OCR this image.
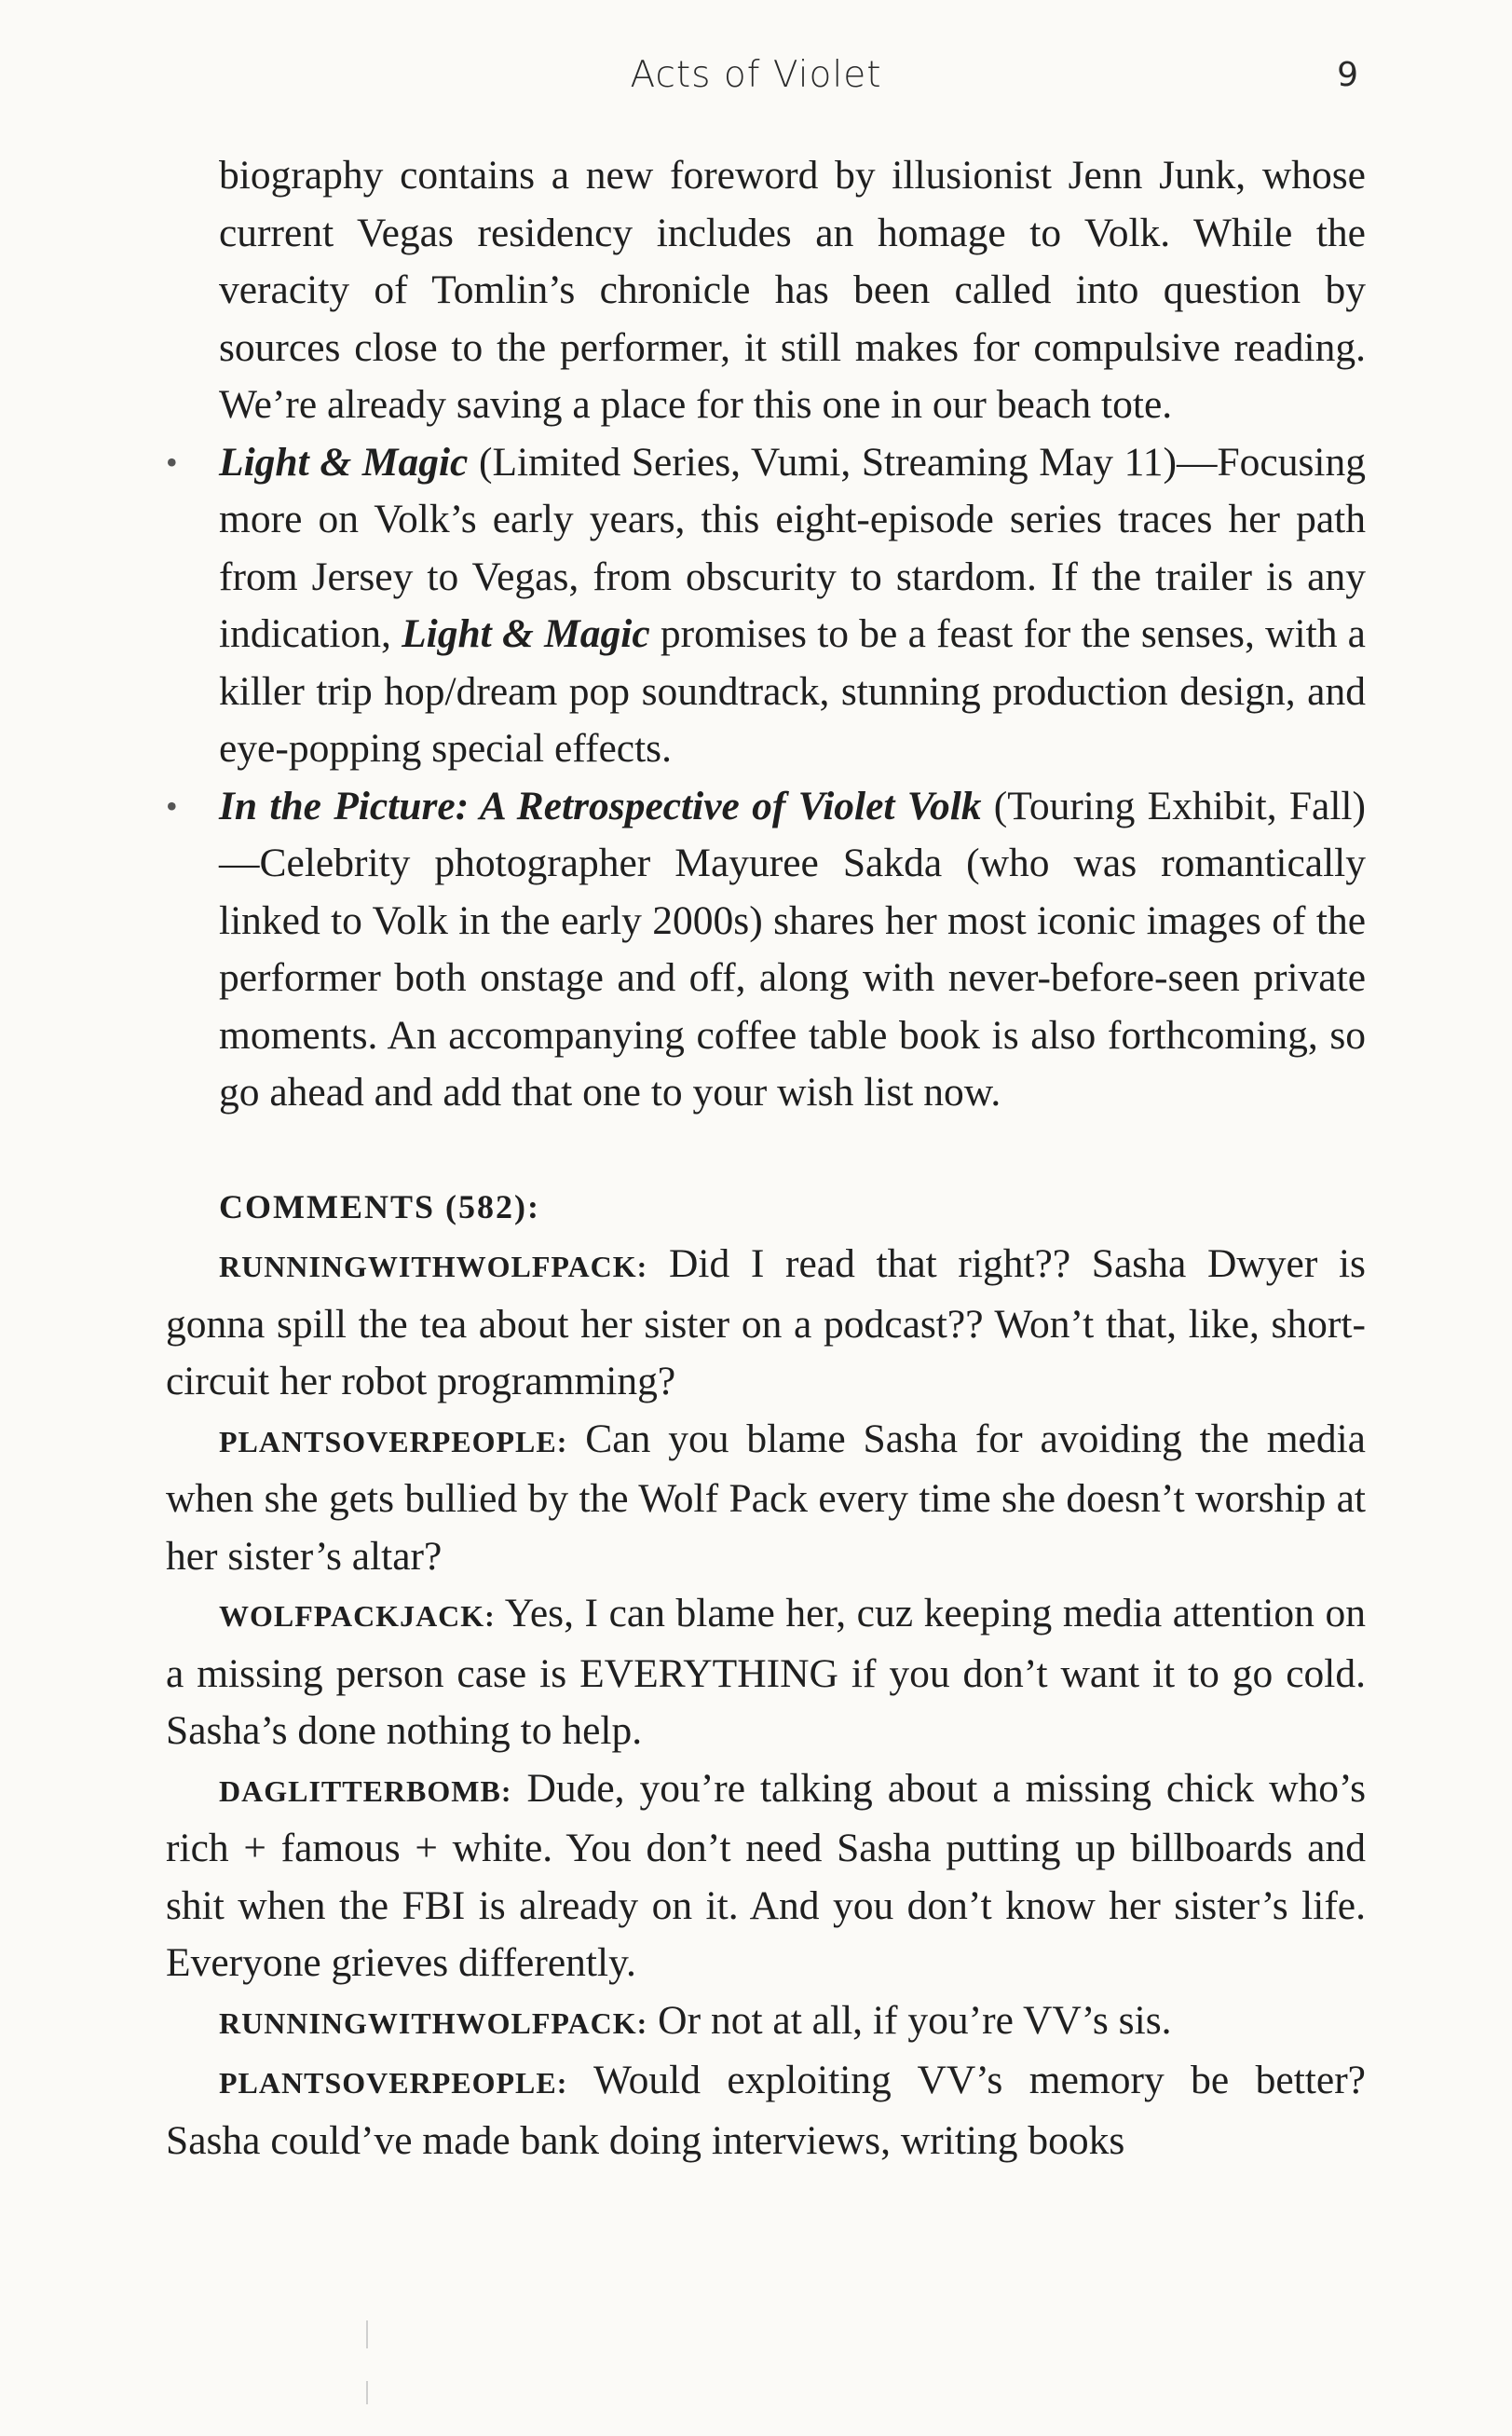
Acts of Violet	9

biography contains a new foreword by illusionist Jenn Junk, whose current Vegas residency includes an homage to Volk. While the veracity of Tomlin’s chronicle has been called into question by sources close to the performer, it still makes for compulsive reading. We’re already saving a place for this one in our beach tote.

•	Light & Magic (Limited Series, Vumi, Streaming May 11)—Focusing more on Volk’s early years, this eight-episode series traces her path from Jersey to Vegas, from obscurity to stardom. If the trailer is any indication, Light & Magic promises to be a feast for the senses, with a killer trip hop/dream pop soundtrack, stunning production design, and eye-popping special effects.

•	In the Picture: A Retrospective of Violet Volk (Touring Exhibit, Fall)—Celebrity photographer Mayuree Sakda (who was romantically linked to Volk in the early 2000s) shares her most iconic images of the performer both onstage and off, along with never-before-seen private moments. An accompanying coffee table book is also forthcoming, so go ahead and add that one to your wish list now.

COMMENTS (582):

RUNNINGWITHWOLFPACK: Did I read that right?? Sasha Dwyer is gonna spill the tea about her sister on a podcast?? Won’t that, like, short-circuit her robot programming?

PLANTSOVERPEOPLE: Can you blame Sasha for avoiding the media when she gets bullied by the Wolf Pack every time she doesn’t worship at her sister’s altar?

WOLFPACKJACK: Yes, I can blame her, cuz keeping media attention on a missing person case is EVERYTHING if you don’t want it to go cold. Sasha’s done nothing to help.

DAGLITTERBOMB: Dude, you’re talking about a missing chick who’s rich + famous + white. You don’t need Sasha putting up billboards and shit when the FBI is already on it. And you don’t know her sister’s life. Everyone grieves differently.

RUNNINGWITHWOLFPACK: Or not at all, if you’re VV’s sis.

PLANTSOVERPEOPLE: Would exploiting VV’s memory be better? Sasha could’ve made bank doing interviews, writing books
